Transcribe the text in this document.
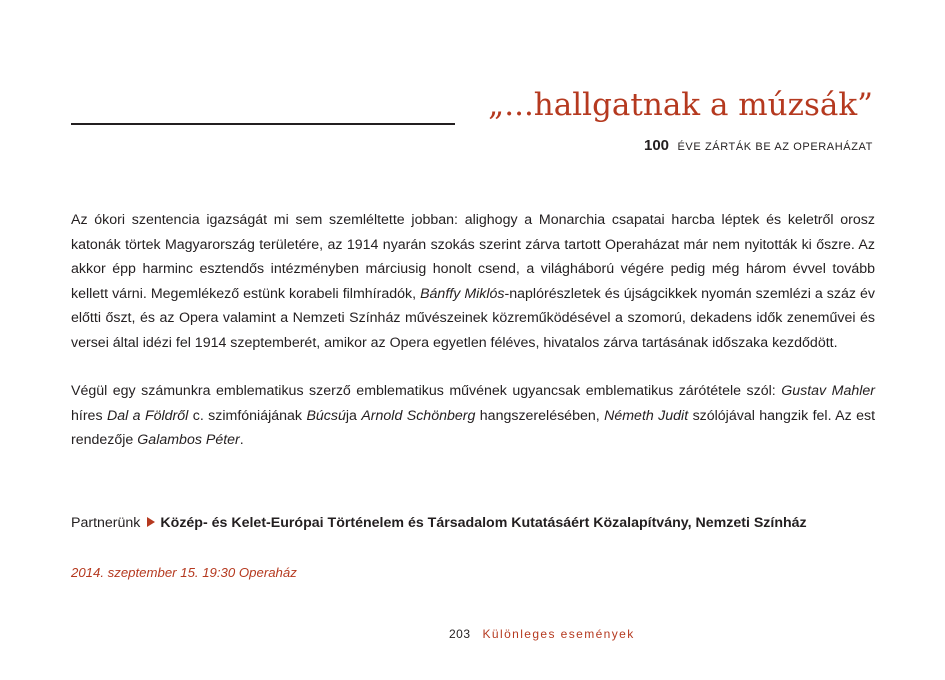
„...hallgatnak a múzsák”
100 ÉVE ZÁRTÁK BE AZ OPERAHÁZAT

Az ókori szentencia igazságát mi sem szemléltette jobban: alighogy a Monarchia csapatai harcba léptek és keletről orosz katonák törtek Magyarország területére, az 1914 nyarán szokás szerint zárva tartott Operaházat már nem nyitották ki őszre. Az akkor épp harminc esztendős intézményben márciusig honolt csend, a világháború végére pedig még három évvel tovább kellett várni. Megemlékező estünk korabeli filmhíradók, Bánffy Miklós-naplórészletek és újságcikkek nyomán szemlézi a száz év előtti őszt, és az Opera valamint a Nemzeti Színház művészeinek közreműködésével a szomorú, dekadens idők zeneművei és versei által idézi fel 1914 szeptemberét, amikor az Opera egyetlen féléves, hivatalos zárva tartásának időszaka kezdődött.

Végül egy számunkra emblematikus szerző emblematikus művének ugyancsak emblematikus zárótétele szól: Gustav Mahler híres Dal a Földről c. szimfóniájának Búcsúja Arnold Schönberg hangszerelésében, Németh Judit szólójával hangzik fel. Az est rendezője Galambos Péter.

Partnerünk Közép- és Kelet-Európai Történelem és Társadalom Kutatásáért Közalapítvány, Nemzeti Színház
2014. szeptember 15. 19:30 Operaház
203 Különleges események
